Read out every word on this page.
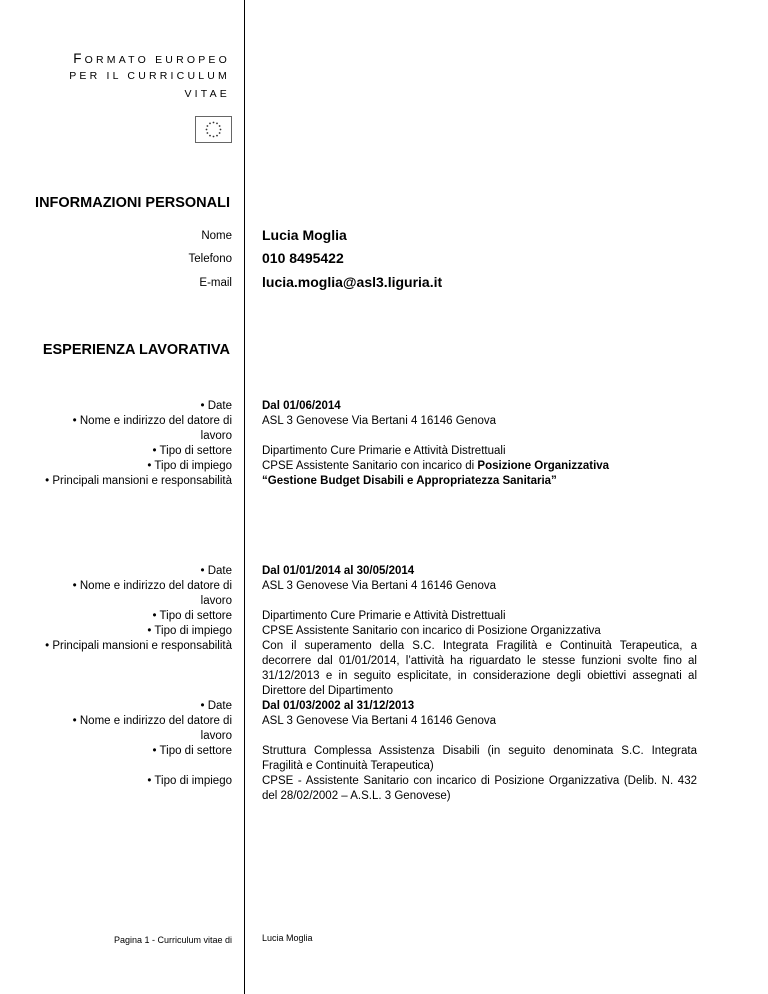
FORMATO EUROPEO
PER IL CURRICULUM
VITAE
INFORMAZIONI PERSONALI
Nome Lucia Moglia
Telefono 010 8495422
E-mail lucia.moglia@asl3.liguria.it
ESPERIENZA LAVORATIVA
• Date
• Nome e indirizzo del datore di
lavoro
• Tipo di settore
• Tipo di impiego
• Principali mansioni e responsabilità
Dal 01/06/2014
ASL 3 Genovese Via Bertani 4 16146 Genova
Dipartimento Cure Primarie e Attività Distrettuali
CPSE Assistente Sanitario con incarico di Posizione Organizzativa
“Gestione Budget Disabili e Appropriatezza Sanitaria”
• Date
• Nome e indirizzo del datore di
lavoro
• Tipo di settore
• Tipo di impiego
• Principali mansioni e responsabilità
Dal 01/01/2014 al 30/05/2014
ASL 3 Genovese Via Bertani 4 16146 Genova
Dipartimento Cure Primarie e Attività Distrettuali
CPSE Assistente Sanitario con incarico di Posizione Organizzativa
Con il superamento della S.C. Integrata Fragilità e Continuità Terapeutica, a decorrere dal 01/01/2014, l’attività ha riguardato le stesse funzioni svolte fino al 31/12/2013 e in seguito esplicitate, in considerazione degli obiettivi assegnati al Direttore del Dipartimento
• Date
• Nome e indirizzo del datore di
lavoro
• Tipo di settore
• Tipo di impiego
Dal 01/03/2002 al 31/12/2013
ASL 3 Genovese Via Bertani 4 16146 Genova
Struttura Complessa Assistenza Disabili (in seguito denominata S.C. Integrata Fragilità e Continuità Terapeutica)
CPSE - Assistente Sanitario con incarico di Posizione Organizzativa (Delib. N. 432 del 28/02/2002 – A.S.L. 3 Genovese)
Pagina 1 - Curriculum vitae di	Lucia Moglia
